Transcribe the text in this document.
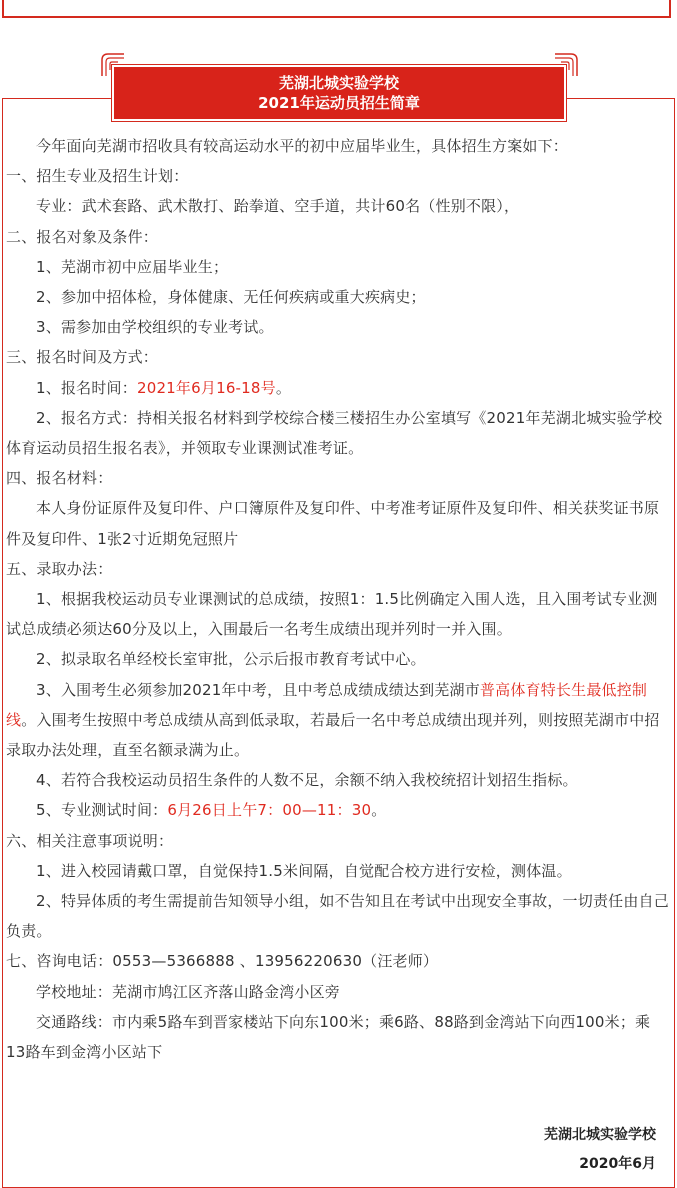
芜湖北城实验学校
2021年运动员招生简章

今年面向芜湖市招收具有较高运动水平的初中应届毕业生，具体招生方案如下：

一、招生专业及招生计划：

专业：武术套路、武术散打、跆拳道、空手道，共计60名（性别不限），

二、报名对象及条件：

1、芜湖市初中应届毕业生；

2、参加中招体检，身体健康、无任何疾病或重大疾病史；

3、需参加由学校组织的专业考试。

三、报名时间及方式：

1、报名时间：2021年6月16-18号。

2、报名方式：持相关报名材料到学校综合楼三楼招生办公室填写《2021年芜湖北城实验学校体育运动员招生报名表》，并领取专业课测试准考证。

四、报名材料：

本人身份证原件及复印件、户口簿原件及复印件、中考准考证原件及复印件、相关获奖证书原件及复印件、1张2寸近期免冠照片

五、录取办法：

1、根据我校运动员专业课测试的总成绩，按照1：1.5比例确定入围人选，且入围考试专业测试总成绩必须达60分及以上，入围最后一名考生成绩出现并列时一并入围。

2、拟录取名单经校长室审批，公示后报市教育考试中心。

3、入围考生必须参加2021年中考，且中考总成绩成绩达到芜湖市普高体育特长生最低控制线。入围考生按照中考总成绩从高到低录取，若最后一名中考总成绩出现并列，则按照芜湖市中招录取办法处理，直至名额录满为止。

4、若符合我校运动员招生条件的人数不足，余额不纳入我校统招计划招生指标。

5、专业测试时间：6月26日上午7：00—11：30。

六、相关注意事项说明：

1、进入校园请戴口罩，自觉保持1.5米间隔，自觉配合校方进行安检，测体温。

2、特异体质的考生需提前告知领导小组，如不告知且在考试中出现安全事故，一切责任由自己负责。

七、咨询电话：0553—5366888 、13956220630（汪老师）

学校地址：芜湖市鸠江区齐落山路金湾小区旁

交通路线：市内乘5路车到晋家楼站下向东100米；乘6路、88路到金湾站下向西100米；乘13路车到金湾小区站下

芜湖北城实验学校
2020年6月
